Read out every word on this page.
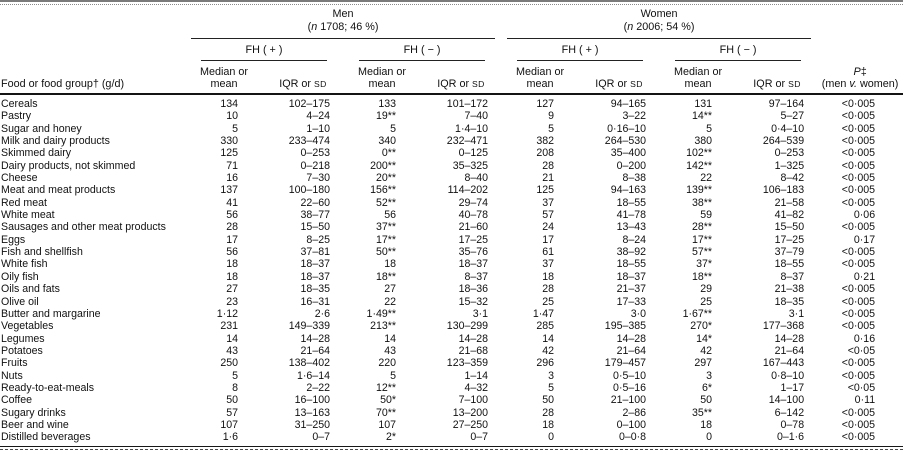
Men
(n 1708; 46 %)

Women
(n 2006; 54 %)

	FH ( + )		FH ( − )		FH ( + )		FH ( − )		

Food or food group† (g/d)	Median or mean	IQR or SD	Median or mean	IQR or SD	Median or mean	IQR or SD	Median or mean	IQR or SD	P‡
(men v. women)

Cereals	134	102–175	133	101–172	127	94–165	131	97–164	<0·005
Pastry	10	4–24	19**	7–40	9	3–22	14**	5–27	<0·005
Sugar and honey	5	1–10	5	1·4–10	5	0·16–10	5	0·4–10	<0·005
Milk and dairy products	330	233–474	340	232–471	382	264–530	380	264–539	<0·005
Skimmed dairy	125	0–253	0**	0–125	208	35–400	102**	0–253	<0·005
Dairy products, not skimmed	71	0–218	200**	35–325	28	0–200	142**	1–325	<0·005
Cheese	16	7–30	20**	8–40	21	8–38	22	8–42	<0·005
Meat and meat products	137	100–180	156**	114–202	125	94–163	139**	106–183	<0·005
Red meat	41	22–60	52**	29–74	37	18–55	38**	21–58	<0·005
White meat	56	38–77	56	40–78	57	41–78	59	41–82	0·06
Sausages and other meat products	28	15–50	37**	21–60	24	13–43	28**	15–50	<0·005
Eggs	17	8–25	17**	17–25	17	8–24	17**	17–25	0·17
Fish and shellfish	56	37–81	50**	35–76	61	38–92	57**	37–79	<0·005
White fish	18	18–37	18	18–37	37	18–55	37*	18–55	<0·005
Oily fish	18	18–37	18**	8–37	18	18–37	18**	8–37	0·21
Oils and fats	27	18–35	27	18–36	28	21–37	29	21–38	<0·005
Olive oil	23	16–31	22	15–32	25	17–33	25	18–35	<0·005
Butter and margarine	1·12	2·6	1·49**	3·1	1·47	3·0	1·67**	3·1	<0·005
Vegetables	231	149–339	213**	130–299	285	195–385	270*	177–368	<0·005
Legumes	14	14–28	14	14–28	14	14–28	14*	14–28	0·16
Potatoes	43	21–64	43	21–68	42	21–64	42	21–64	<0·05
Fruits	250	138–402	220	123–359	296	179–457	297	167–443	<0·005
Nuts	5	1·6–14	5	1–14	3	0·5–10	3	0·8–10	<0·005
Ready-to-eat-meals	8	2–22	12**	4–32	5	0·5–16	6*	1–17	<0·05
Coffee	50	16–100	50*	7–100	50	21–100	50	14–100	0·11
Sugary drinks	57	13–163	70**	13–200	28	2–86	35**	6–142	<0·005
Beer and wine	107	31–250	107	27–250	18	0–100	18	0–78	<0·005
Distilled beverages	1·6	0–7	2*	0–7	0	0–0·8	0	0–1·6	<0·005
